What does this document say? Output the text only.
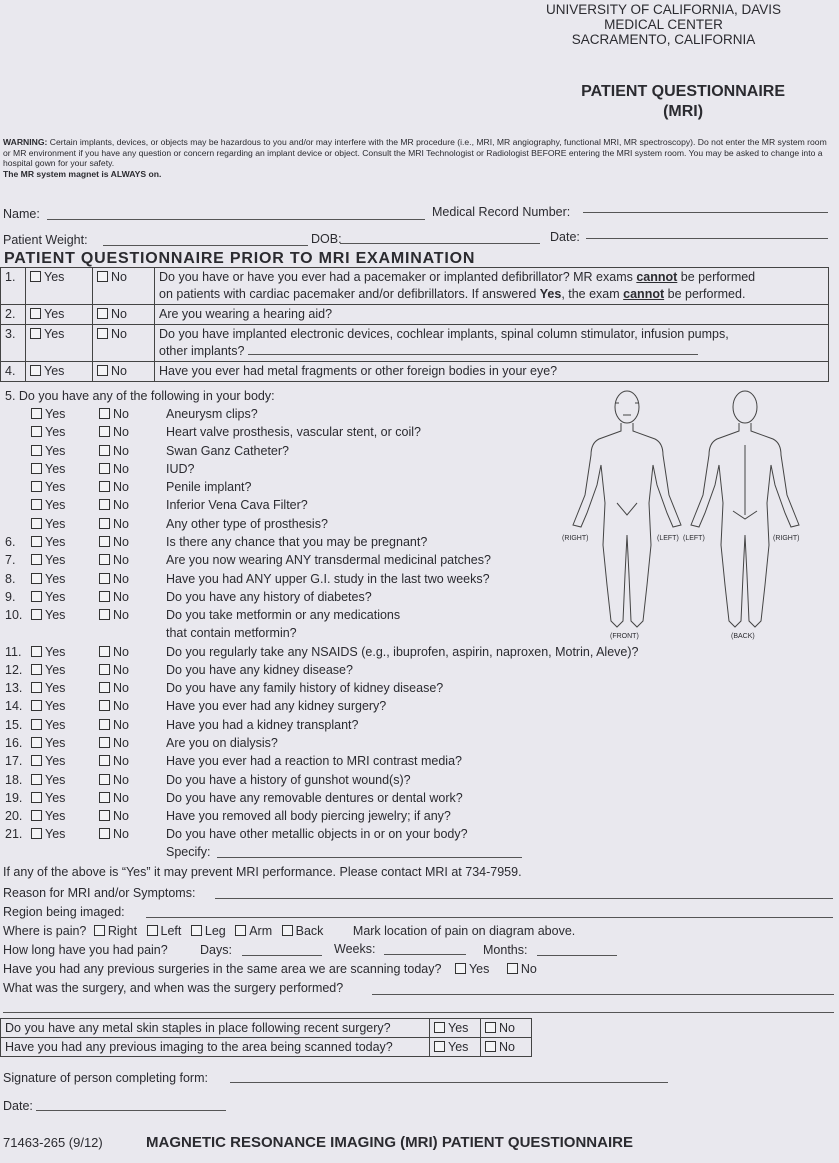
UNIVERSITY OF CALIFORNIA, DAVIS
MEDICAL CENTER
SACRAMENTO, CALIFORNIA
PATIENT QUESTIONNAIRE
(MRI)
WARNING: Certain implants, devices, or objects may be hazardous to you and/or may interfere with the MR procedure (i.e., MRI, MR angiography, functional MRI, MR spectroscopy). Do not enter the MR system room or MR environment if you have any question or concern regarding an implant device or object. Consult the MRI Technologist or Radiologist BEFORE entering the MRI system room. You may be asked to change into a hospital gown for your safety.
The MR system magnet is ALWAYS on.
Name:	Medical Record Number:
Patient Weight:	DOB:	Date:
PATIENT QUESTIONNAIRE PRIOR TO MRI EXAMINATION
1.	Yes	No	Do you have or have you ever had a pacemaker or implanted defibrillator? MR exams cannot be performed
on patients with cardiac pacemaker and/or defibrillators. If answered Yes, the exam cannot be performed.
2.	Yes	No	Are you wearing a hearing aid?
3.	Yes	No	Do you have implanted electronic devices, cochlear implants, spinal column stimulator, infusion pumps,
other implants?
4.	Yes	No	Have you ever had metal fragments or other foreign bodies in your eye?
5. Do you have any of the following in your body:
Yes	No	Aneurysm clips?
Yes	No	Heart valve prosthesis, vascular stent, or coil?
Yes	No	Swan Ganz Catheter?
Yes	No	IUD?
Yes	No	Penile implant?
Yes	No	Inferior Vena Cava Filter?
Yes	No	Any other type of prosthesis?
6.	Yes	No	Is there any chance that you may be pregnant?
7.	Yes	No	Are you now wearing ANY transdermal medicinal patches?
8.	Yes	No	Have you had ANY upper G.I. study in the last two weeks?
9.	Yes	No	Do you have any history of diabetes?
10.	Yes	No	Do you take metformin or any medications
that contain metformin?
11.	Yes	No	Do you regularly take any NSAIDS (e.g., ibuprofen, aspirin, naproxen, Motrin, Aleve)?
12.	Yes	No	Do you have any kidney disease?
13.	Yes	No	Do you have any family history of kidney disease?
14.	Yes	No	Have you ever had any kidney surgery?
15.	Yes	No	Have you had a kidney transplant?
16.	Yes	No	Are you on dialysis?
17.	Yes	No	Have you ever had a reaction to MRI contrast media?
18.	Yes	No	Do you have a history of gunshot wound(s)?
19.	Yes	No	Do you have any removable dentures or dental work?
20.	Yes	No	Have you removed all body piercing jewelry; if any?
21.	Yes	No	Do you have other metallic objects in or on your body?
Specify:
(RIGHT)	(LEFT) (LEFT)	(RIGHT)
(FRONT)	(BACK)
If any of the above is “Yes” it may prevent MRI performance. Please contact MRI at 734-7959.
Reason for MRI and/or Symptoms:
Region being imaged:
Where is pain? Right Left Leg Arm Back Mark location of pain on diagram above.
How long have you had pain?	Days:	Weeks:	Months:
Have you had any previous surgeries in the same area we are scanning today? Yes	No
What was the surgery, and when was the surgery performed?
Do you have any metal skin staples in place following recent surgery?	Yes	No
Have you had any previous imaging to the area being scanned today?	Yes	No
Signature of person completing form:
Date:
71463-265 (9/12)	MAGNETIC RESONANCE IMAGING (MRI) PATIENT QUESTIONNAIRE
